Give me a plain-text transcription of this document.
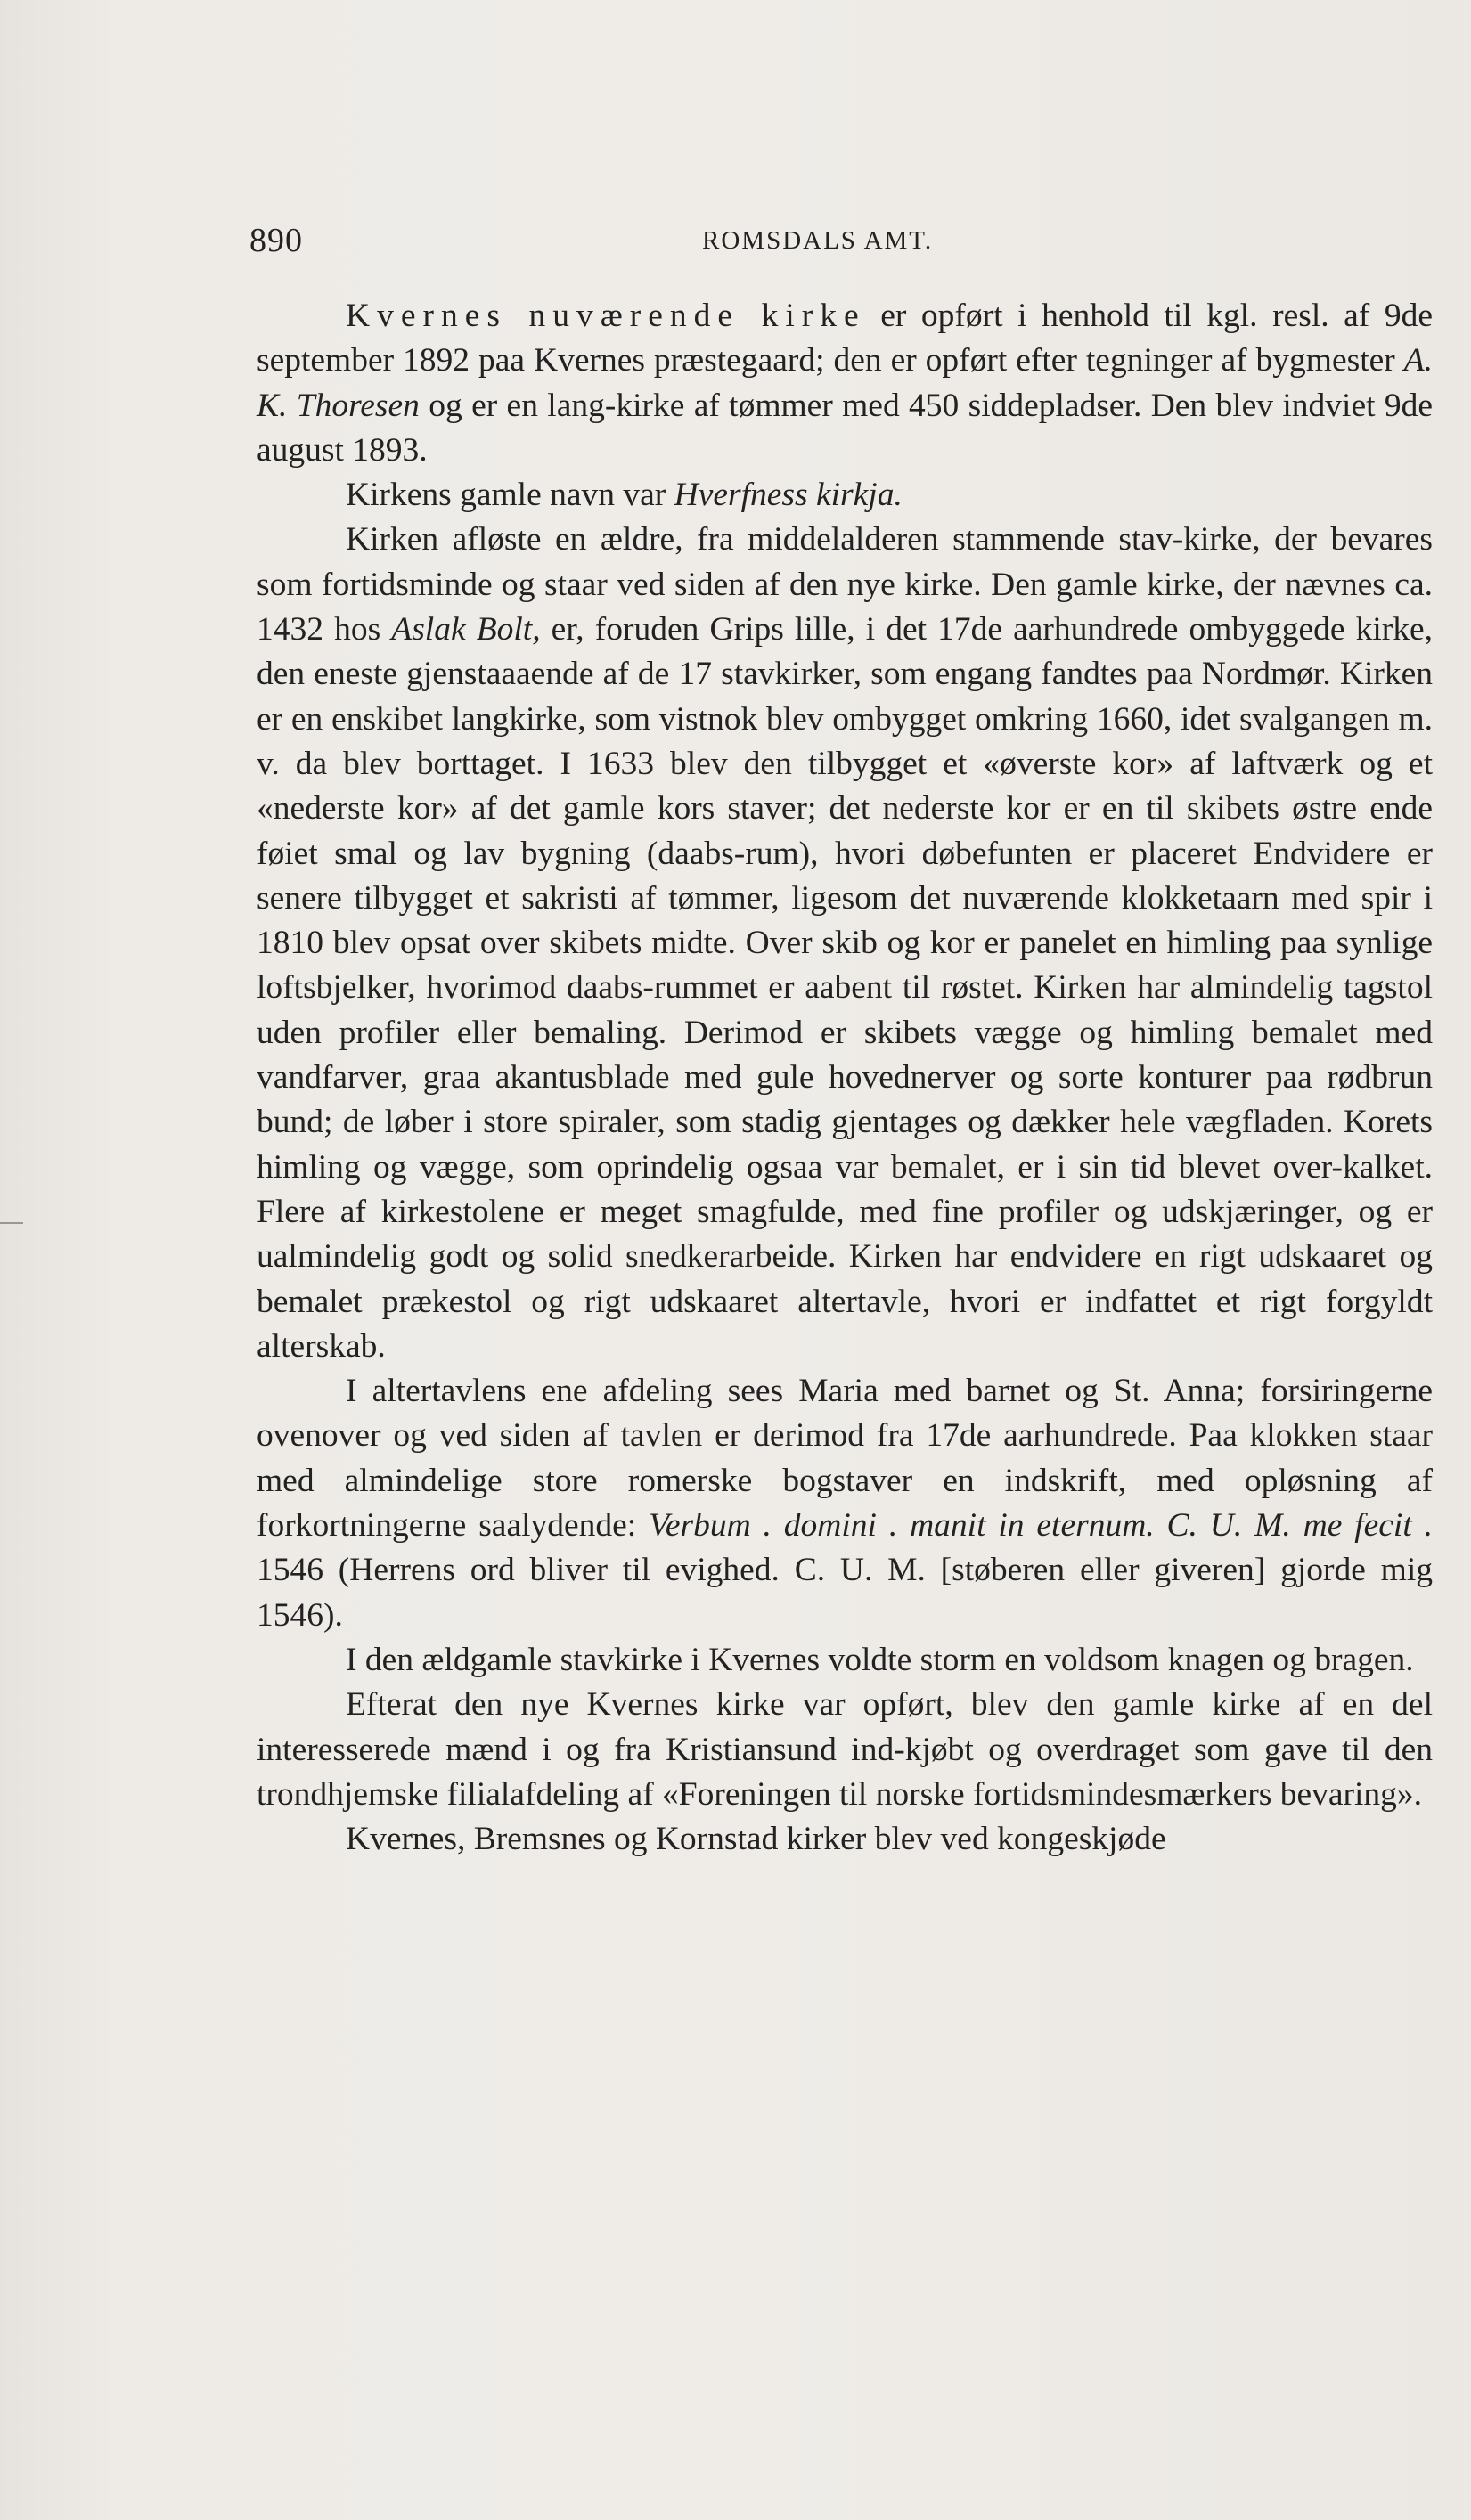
890	ROMSDALS AMT.

Kvernes nuværende kirke er opført i henhold til kgl. resl. af 9de september 1892 paa Kvernes præstegaard; den er opført efter tegninger af bygmester A. K. Thoresen og er en lang-kirke af tømmer med 450 siddepladser. Den blev indviet 9de august 1893.

Kirkens gamle navn var Hverfness kirkja.

Kirken afløste en ældre, fra middelalderen stammende stav-kirke, der bevares som fortidsminde og staar ved siden af den nye kirke. Den gamle kirke, der nævnes ca. 1432 hos Aslak Bolt, er, foruden Grips lille, i det 17de aarhundrede ombyggede kirke, den eneste gjenstaaaende af de 17 stavkirker, som engang fandtes paa Nordmør. Kirken er en enskibet langkirke, som vistnok blev ombygget omkring 1660, idet svalgangen m. v. da blev borttaget. I 1633 blev den tilbygget et «øverste kor» af laftværk og et «nederste kor» af det gamle kors staver; det nederste kor er en til skibets østre ende føiet smal og lav bygning (daabs-rum), hvori døbefunten er placeret Endvidere er senere tilbygget et sakristi af tømmer, ligesom det nuværende klokketaarn med spir i 1810 blev opsat over skibets midte. Over skib og kor er panelet en himling paa synlige loftsbjelker, hvorimod daabs-rummet er aabent til røstet. Kirken har almindelig tagstol uden profiler eller bemaling. Derimod er skibets vægge og himling bemalet med vandfarver, graa akantusblade med gule hovednerver og sorte konturer paa rødbrun bund; de løber i store spiraler, som stadig gjentages og dækker hele vægfladen. Korets himling og vægge, som oprindelig ogsaa var bemalet, er i sin tid blevet over-kalket. Flere af kirkestolene er meget smagfulde, med fine profiler og udskjæringer, og er ualmindelig godt og solid snedkerarbeide. Kirken har endvidere en rigt udskaaret og bemalet prækestol og rigt udskaaret altertavle, hvori er indfattet et rigt forgyldt alterskab.

I altertavlens ene afdeling sees Maria med barnet og St. Anna; forsiringerne ovenover og ved siden af tavlen er derimod fra 17de aarhundrede. Paa klokken staar med almindelige store romerske bogstaver en indskrift, med opløsning af forkortningerne saalydende: Verbum . domini . manit in eternum. C. U. M. me fecit . 1546 (Herrens ord bliver til evighed. C. U. M. [støberen eller giveren] gjorde mig 1546).

I den ældgamle stavkirke i Kvernes voldte storm en voldsom knagen og bragen.

Efterat den nye Kvernes kirke var opført, blev den gamle kirke af en del interesserede mænd i og fra Kristiansund ind-kjøbt og overdraget som gave til den trondhjemske filialafdeling af «Foreningen til norske fortidsmindesmærkers bevaring».

Kvernes, Bremsnes og Kornstad kirker blev ved kongeskjøde
